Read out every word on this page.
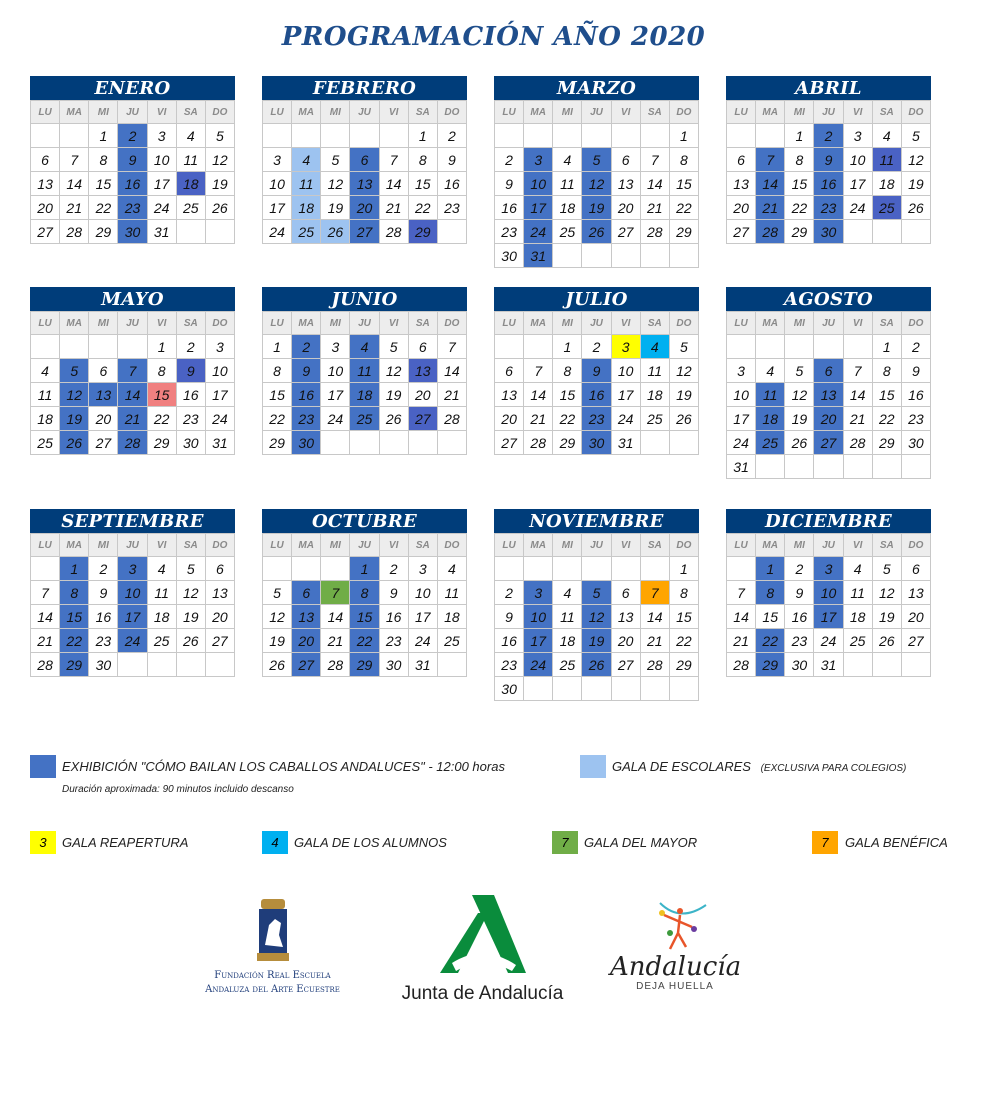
PROGRAMACIÓN AÑO 2020
ENERO
LU	MA	MI	JU	VI	SA	DO
		1	2	3	4	5
6	7	8	9	10	11	12
13	14	15	16	17	18	19
20	21	22	23	24	25	26
27	28	29	30	31		
FEBRERO
LU	MA	MI	JU	VI	SA	DO
					1	2
3	4	5	6	7	8	9
10	11	12	13	14	15	16
17	18	19	20	21	22	23
24	25	26	27	28	29	
MARZO
LU	MA	MI	JU	VI	SA	DO
						1
2	3	4	5	6	7	8
9	10	11	12	13	14	15
16	17	18	19	20	21	22
23	24	25	26	27	28	29
30	31					
ABRIL
LU	MA	MI	JU	VI	SA	DO
		1	2	3	4	5
6	7	8	9	10	11	12
13	14	15	16	17	18	19
20	21	22	23	24	25	26
27	28	29	30			
MAYO
LU	MA	MI	JU	VI	SA	DO
				1	2	3
4	5	6	7	8	9	10
11	12	13	14	15	16	17
18	19	20	21	22	23	24
25	26	27	28	29	30	31
JUNIO
LU	MA	MI	JU	VI	SA	DO
1	2	3	4	5	6	7
8	9	10	11	12	13	14
15	16	17	18	19	20	21
22	23	24	25	26	27	28
29	30					
JULIO
LU	MA	MI	JU	VI	SA	DO
		1	2	3	4	5
6	7	8	9	10	11	12
13	14	15	16	17	18	19
20	21	22	23	24	25	26
27	28	29	30	31		
AGOSTO
LU	MA	MI	JU	VI	SA	DO
					1	2
3	4	5	6	7	8	9
10	11	12	13	14	15	16
17	18	19	20	21	22	23
24	25	26	27	28	29	30
31						
SEPTIEMBRE
LU	MA	MI	JU	VI	SA	DO
	1	2	3	4	5	6
7	8	9	10	11	12	13
14	15	16	17	18	19	20
21	22	23	24	25	26	27
28	29	30				
OCTUBRE
LU	MA	MI	JU	VI	SA	DO
			1	2	3	4
5	6	7	8	9	10	11
12	13	14	15	16	17	18
19	20	21	22	23	24	25
26	27	28	29	30	31	
NOVIEMBRE
LU	MA	MI	JU	VI	SA	DO
						1
2	3	4	5	6	7	8
9	10	11	12	13	14	15
16	17	18	19	20	21	22
23	24	25	26	27	28	29
30						
DICIEMBRE
LU	MA	MI	JU	VI	SA	DO
	1	2	3	4	5	6
7	8	9	10	11	12	13
14	15	16	17	18	19	20
21	22	23	24	25	26	27
28	29	30	31			
EXHIBICIÓN "CÓMO BAILAN LOS CABALLOS ANDALUCES" - 12:00 horas
Duración aproximada: 90 minutos incluido descanso
GALA DE ESCOLARES (EXCLUSIVA PARA COLEGIOS)
3	GALA REAPERTURA	4	GALA DE LOS ALUMNOS	7	GALA DEL MAYOR	7	GALA BENÉFICA
Fundación Real Escuela
Andaluza del Arte Ecuestre	Junta de Andalucía
Andalucía
DEJA HUELLA
